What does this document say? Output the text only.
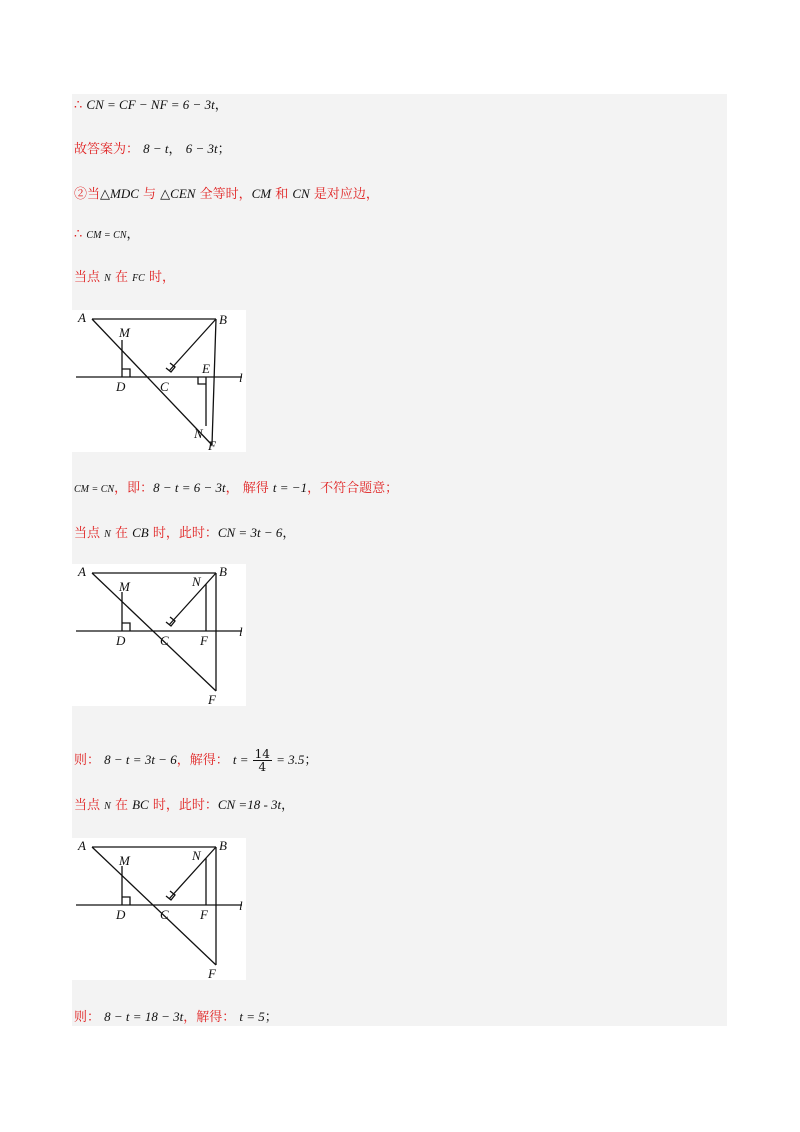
∴ CN = CF − NF = 6 − 3t，
故答案为： 8 − t， 6 − 3t；
②当△MDC 与 △CEN 全等时，CM 和 CN 是对应边，
∴ CM = CN，
当点 N 在 FC 时，
A	B
M
D	C
E
l
N
F
CM = CN，即：8 − t = 6 − 3t， 解得 t = −1，不符合题意；
当点 N 在 CB 时，此时：CN = 3t − 6，
A	B
N
M
D	C F
l
F
则： 8 − t = 3t − 6，解得： $t = \frac{14}{4} = 3.5$；
当点 N 在 BC 时，此时：CN =18 - 3t，
A	B
N
M
D	C F
l
F
则： 8 − t = 18 − 3t，解得： t = 5；
